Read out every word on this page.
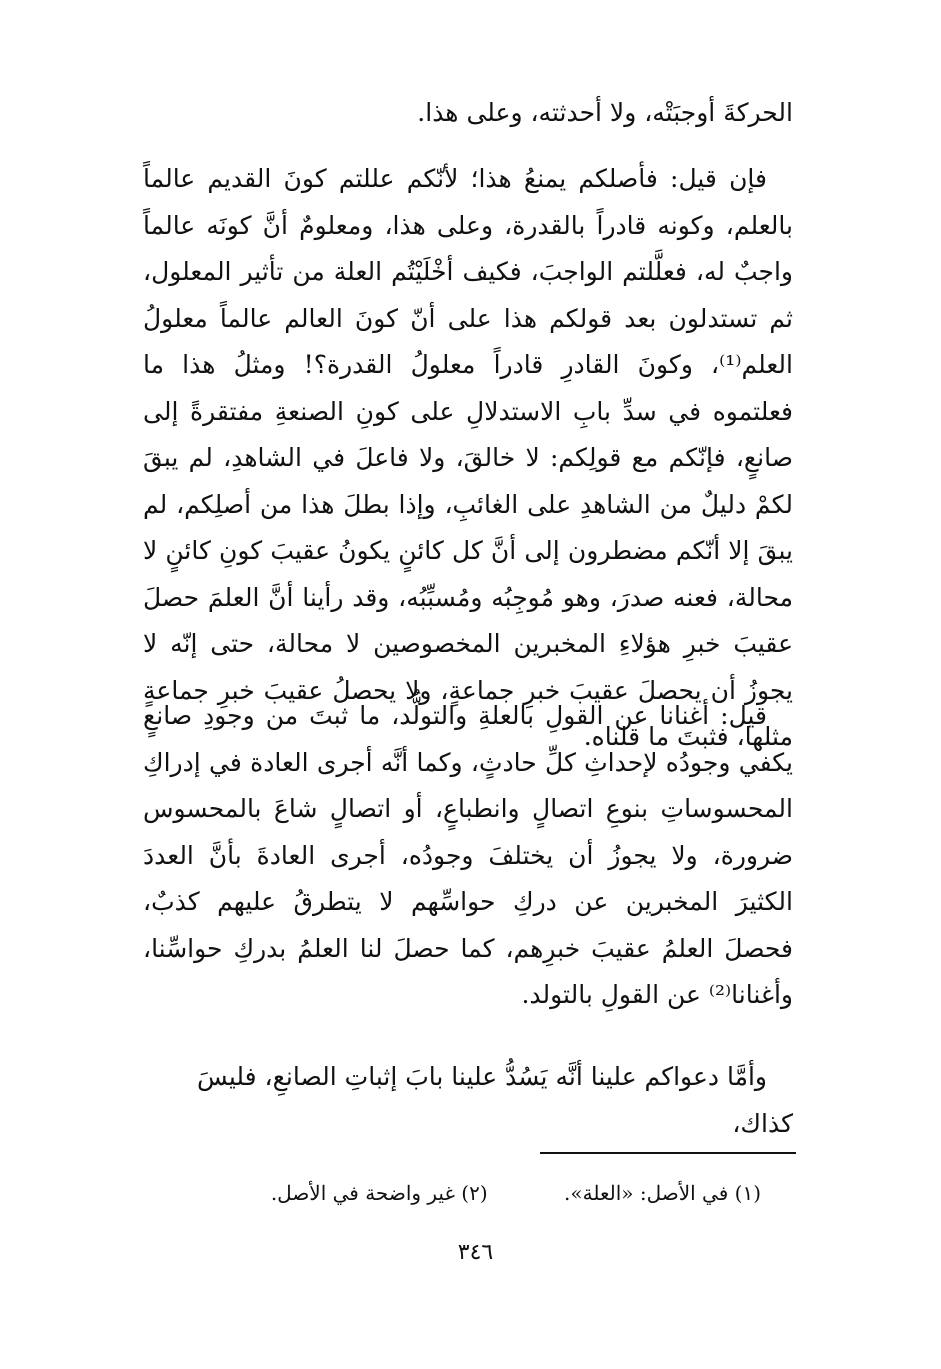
الحركةَ أوجبَتْه، ولا أحدثته، وعلى هذا.

فإن قيل: فأصلكم يمنعُ هذا؛ لأنّكم عللتم كونَ القديم عالماً بالعلم، وكونه قادراً بالقدرة، وعلى هذا، ومعلومٌ أنَّ كونَه عالماً واجبٌ له، فعلَّلتم الواجبَ، فكيف أخْلَيْتُم العلة من تأثير المعلول، ثم تستدلون بعد قولكم هذا على أنّ كونَ العالم عالماً معلولُ العلم⁽¹⁾، وكونَ القادرِ قادراً معلولُ القدرة؟! ومثلُ هذا ما فعلتموه في سدِّ بابِ الاستدلالِ على كونِ الصنعةِ مفتقرةً إلى صانعٍ، فإنّكم مع قولِكم: لا خالقَ، ولا فاعلَ في الشاهدِ، لم يبقَ لكمْ دليلٌ من الشاهدِ على الغائبِ، وإذا بطلَ هذا من أصلِكم، لم يبقَ إلا أنّكم مضطرون إلى أنَّ كل كائنٍ يكونُ عقيبَ كونِ كائنٍ لا محالة، فعنه صدرَ، وهو مُوجِبُه ومُسبِّبُه، وقد رأينا أنَّ العلمَ حصلَ عقيبَ خبرِ هؤلاءِ المخبرين المخصوصين لا محالة، حتى إنّه لا يجوزُ أن يحصلَ عقيبَ خبرِ جماعةٍ، ولا يحصلُ عقيبَ خبرِ جماعةٍ مثلها، فثبتَ ما قلناه.

قيل: أغنانا عن القولِ بالعلةِ والتولُّد، ما ثبتَ من وجودِ صانعٍ يكفي وجودُه لإحداثِ كلِّ حادثٍ، وكما أنَّه أجرى العادة في إدراكِ المحسوساتِ بنوعِ اتصالٍ وانطباعٍ، أو اتصالٍ شاعَ بالمحسوس ضرورة، ولا يجوزُ أن يختلفَ وجودُه، أجرى العادةَ بأنَّ العددَ الكثيرَ المخبرين عن دركِ حواسِّهم لا يتطرقُ عليهم كذبٌ، فحصلَ العلمُ عقيبَ خبرِهم، كما حصلَ لنا العلمُ بدركِ حواسِّنا، وأغنانا⁽²⁾ عن القولِ بالتولد.

وأمَّا دعواكم علينا أنَّه يَسُدُّ علينا بابَ إثباتِ الصانعِ، فليسَ كذاك،

(١) في الأصل: «العلة». (٢) غير واضحة في الأصل.
٣٤٦
